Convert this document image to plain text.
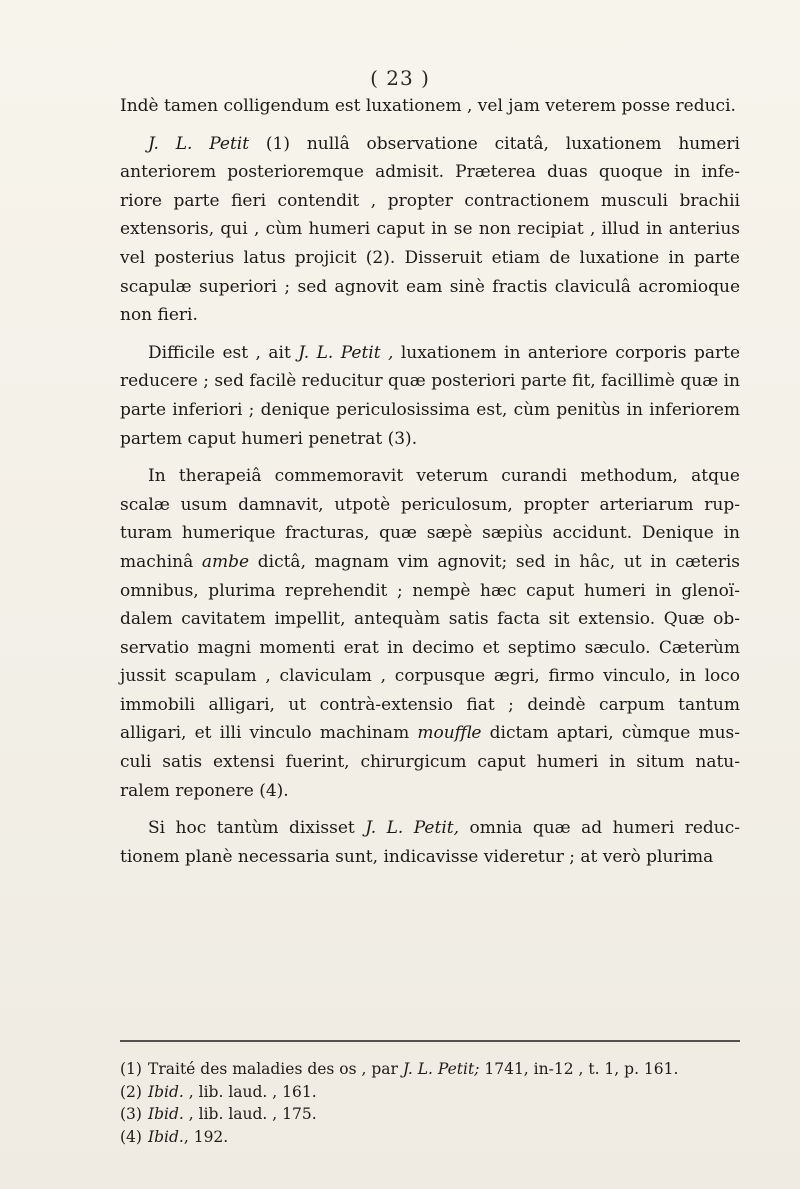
( 23 )

Indè tamen colligendum est luxationem , vel jam veterem posse reduci.

J. L. Petit (1) nullâ observatione citatâ, luxationem humeri anteriorem posterioremque admisit. Præterea duas quoque in infe- riore parte fieri contendit , propter contractionem musculi brachii extensoris, qui , cùm humeri caput in se non recipiat , illud in anterius vel posterius latus projicit (2). Disseruit etiam de luxatione in parte scapulæ superiori ; sed agnovit eam sinè fractis claviculâ acromioque non fieri.

Difficile est , ait J. L. Petit , luxationem in anteriore corporis parte reducere ; sed facilè reducitur quæ posteriori parte fit, facillimè quæ in parte inferiori ; denique periculosissima est, cùm penitùs in inferiorem partem caput humeri penetrat (3).

In therapeiâ commemoravit veterum curandi methodum, atque scalæ usum damnavit, utpotè periculosum, propter arteriarum rup- turam humerique fracturas, quæ sæpè sæpiùs accidunt. Denique in machinâ ambe dictâ, magnam vim agnovit; sed in hâc, ut in cæteris omnibus, plurima reprehendit ; nempè hæc caput humeri in glenoï- dalem cavitatem impellit, antequàm satis facta sit extensio. Quæ ob- servatio magni momenti erat in decimo et septimo sæculo. Cæterùm jussit scapulam , claviculam , corpusque ægri, firmo vinculo, in loco immobili alligari, ut contrà-extensio fiat ; deindè carpum tantum alligari, et illi vinculo machinam mouffle dictam aptari, cùmque mus- culi satis extensi fuerint, chirurgicum caput humeri in situm natu- ralem reponere (4).

Si hoc tantùm dixisset J. L. Petit, omnia quæ ad humeri reduc- tionem planè necessaria sunt, indicavisse videretur ; at verò plurima

(1) Traité des maladies des os , par J. L. Petit; 1741, in-12 , t. 1, p. 161.

(2) Ibid. , lib. laud. , 161.

(3) Ibid. , lib. laud. , 175.

(4) Ibid., 192.
